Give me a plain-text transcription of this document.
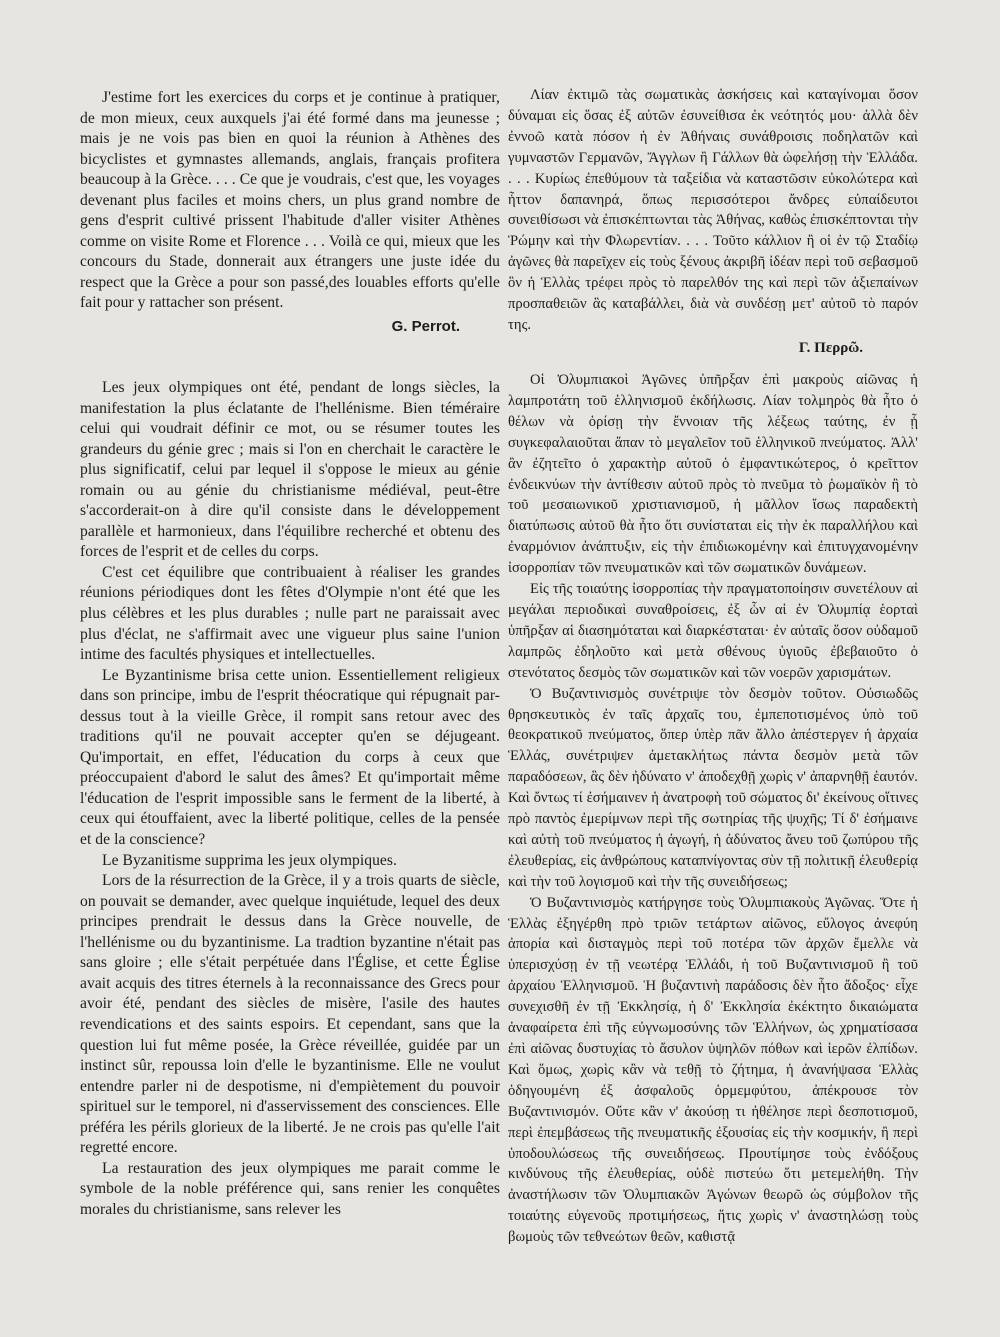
J'estime fort les exercices du corps et je continue à pratiquer, de mon mieux, ceux auxquels j'ai été formé dans ma jeunesse ; mais je ne vois pas bien en quoi la réunion à Athènes des bicyclistes et gymnastes allemands, anglais, français profitera beaucoup à la Grèce. . . . Ce que je voudrais, c'est que, les voyages devenant plus faciles et moins chers, un plus grand nombre de gens d'esprit cultivé prissent l'habitude d'aller visiter Athènes comme on visite Rome et Florence . . . Voilà ce qui, mieux que les concours du Stade, donnerait aux étrangers une juste idée du respect que la Grèce a pour son passé,des louables efforts qu'elle fait pour y rattacher son présent.

G. Perrot.

Λίαν ἐκτιμῶ τὰς σωματικὰς ἀσκήσεις καὶ καταγίνομαι ὅσον δύναμαι εἰς ὅσας ἐξ αὐτῶν ἐσυνείθισα ἐκ νεότητός μου· ἀλλὰ δὲν ἐννοῶ κατὰ πόσον ἡ ἐν Ἀθήναις συνάθροισις ποδηλατῶν καὶ γυμναστῶν Γερμανῶν, Ἄγγλων ἢ Γάλλων θὰ ὠφελήσῃ τὴν Ἑλλάδα. . . . Κυρίως ἐπεθύμουν τὰ ταξείδια νὰ καταστῶσιν εὐκολώτερα καὶ ἧττον δαπανηρά, ὅπως περισσότεροι ἄνδρες εὐπαίδευτοι συνειθίσωσι νὰ ἐπισκέπτωνται τὰς Ἀθήνας, καθὼς ἐπισκέπτονται τὴν Ῥώμην καὶ τὴν Φλωρεντίαν. . . . Τοῦτο κάλλιον ἢ οἱ ἐν τῷ Σταδίῳ ἀγῶνες θὰ παρεῖχεν εἰς τοὺς ξένους ἀκριβῆ ἰδέαν περὶ τοῦ σεβασμοῦ ὃν ἡ Ἑλλὰς τρέφει πρὸς τὸ παρελθόν της καὶ περὶ τῶν ἀξιεπαίνων προσπαθειῶν ἃς καταβάλλει, διὰ νὰ συνδέσῃ μετ' αὐτοῦ τὸ παρόν της.

Γ. Περρῶ.

Les jeux olympiques ont été, pendant de longs siècles, la manifestation la plus éclatante de l'hellénisme. Bien téméraire celui qui voudrait définir ce mot, ou se résumer toutes les grandeurs du génie grec ; mais si l'on en cherchait le caractère le plus significatif, celui par lequel il s'oppose le mieux au génie romain ou au génie du christianisme médiéval, peut-être s'accorderait-on à dire qu'il consiste dans le développement parallèle et harmonieux, dans l'équilibre recherché et obtenu des forces de l'esprit et de celles du corps.

C'est cet équilibre que contribuaient à réaliser les grandes réunions périodiques dont les fêtes d'Olympie n'ont été que les plus célèbres et les plus durables ; nulle part ne paraissait avec plus d'éclat, ne s'affirmait avec une vigueur plus saine l'union intime des facultés physiques et intellectuelles.

Le Byzantinisme brisa cette union. Essentiellement religieux dans son principe, imbu de l'esprit théocratique qui répugnait par-dessus tout à la vieille Grèce, il rompit sans retour avec des traditions qu'il ne pouvait accepter qu'en se déjugeant. Qu'importait, en effet, l'éducation du corps à ceux que préoccupaient d'abord le salut des âmes? Et qu'importait même l'éducation de l'esprit impossible sans le ferment de la liberté, à ceux qui étouffaient, avec la liberté politique, celles de la pensée et de la conscience?

Le Byzanitisme supprima les jeux olympiques.

Lors de la résurrection de la Grèce, il y a trois quarts de siècle, on pouvait se demander, avec quelque inquiétude, lequel des deux principes prendrait le dessus dans la Grèce nouvelle, de l'hellénisme ou du byzantinisme. La tradtion byzantine n'était pas sans gloire ; elle s'était perpétuée dans l'Église, et cette Église avait acquis des titres éternels à la reconnaissance des Grecs pour avoir été, pendant des siècles de misère, l'asile des hautes revendications et des saints espoirs. Et cependant, sans que la question lui fut même posée, la Grèce réveillée, guidée par un instinct sûr, repoussa loin d'elle le byzantinisme. Elle ne voulut entendre parler ni de despotisme, ni d'empiètement du pouvoir spirituel sur le temporel, ni d'asservissement des consciences. Elle préféra les périls glorieux de la liberté. Je ne crois pas qu'elle l'ait regretté encore.

La restauration des jeux olympiques me parait comme le symbole de la noble préférence qui, sans renier les conquêtes morales du christianisme, sans relever les

Οἱ Ὀλυμπιακοὶ Ἀγῶνες ὑπῆρξαν ἐπὶ μακροὺς αἰῶνας ἡ λαμπροτάτη τοῦ ἑλληνισμοῦ ἐκδήλωσις. Λίαν τολμηρὸς θὰ ἦτο ὁ θέλων νὰ ὁρίσῃ τὴν ἔννοιαν τῆς λέξεως ταύτης, ἐν ᾗ συγκεφαλαιοῦται ἅπαν τὸ μεγαλεῖον τοῦ ἑλληνικοῦ πνεύματος. Ἀλλ' ἂν ἐζητεῖτο ὁ χαρακτὴρ αὐτοῦ ὁ ἐμφαντικώτερος, ὁ κρεῖττον ἐνδεικνύων τὴν ἀντίθεσιν αὐτοῦ πρὸς τὸ πνεῦμα τὸ ῥωμαϊκὸν ἢ τὸ τοῦ μεσαιωνικοῦ χριστιανισμοῦ, ἡ μᾶλλον ἴσως παραδεκτὴ διατύπωσις αὐτοῦ θὰ ἦτο ὅτι συνίσταται εἰς τὴν ἐκ παραλλήλου καὶ ἐναρμόνιον ἀνάπτυξιν, εἰς τὴν ἐπιδιωκομένην καὶ ἐπιτυγχανομένην ἰσορροπίαν τῶν πνευματικῶν καὶ τῶν σωματικῶν δυνάμεων.

Εἰς τῆς τοιαύτης ἰσορροπίας τὴν πραγματοποίησιν συνετέλουν αἱ μεγάλαι περιοδικαὶ συναθροίσεις, ἐξ ὧν αἱ ἐν Ὀλυμπίᾳ ἑορταὶ ὑπῆρξαν αἱ διασημόταται καὶ διαρκέσταται· ἐν αὐταῖς ὅσον οὐδαμοῦ λαμπρῶς ἐδηλοῦτο καὶ μετὰ σθένους ὑγιοῦς ἐβεβαιοῦτο ὁ στενότατος δεσμὸς τῶν σωματικῶν καὶ τῶν νοερῶν χαρισμάτων.

Ὁ Βυζαντινισμὸς συνέτριψε τὸν δεσμὸν τοῦτον. Οὐσιωδῶς θρησκευτικὸς ἐν ταῖς ἀρχαῖς του, ἐμπεποτισμένος ὑπὸ τοῦ θεοκρατικοῦ πνεύματος, ὅπερ ὑπὲρ πᾶν ἄλλο ἀπέστεργεν ἡ ἀρχαία Ἑλλάς, συνέτριψεν ἀμετακλήτως πάντα δεσμὸν μετὰ τῶν παραδόσεων, ἃς δὲν ἠδύνατο ν' ἀποδεχθῇ χωρὶς ν' ἀπαρνηθῇ ἑαυτόν. Καὶ ὄντως τί ἐσήμαινεν ἡ ἀνατροφὴ τοῦ σώματος δι' ἐκείνους οἵτινες πρὸ παντὸς ἐμερίμνων περὶ τῆς σωτηρίας τῆς ψυχῆς; Τί δ' ἐσήμαινε καὶ αὐτὴ τοῦ πνεύματος ἡ ἀγωγή, ἡ ἀδύνατος ἄνευ τοῦ ζωπύρου τῆς ἐλευθερίας, εἰς ἀνθρώπους καταπνίγοντας σὺν τῇ πολιτικῇ ἐλευθερίᾳ καὶ τὴν τοῦ λογισμοῦ καὶ τὴν τῆς συνειδήσεως;

Ὁ Βυζαντινισμὸς κατήργησε τοὺς Ὀλυμπιακοὺς Ἀγῶνας. Ὅτε ἡ Ἑλλὰς ἐξηγέρθη πρὸ τριῶν τετάρτων αἰῶνος, εὔλογος ἀνεφύη ἀπορία καὶ δισταγμὸς περὶ τοῦ ποτέρα τῶν ἀρχῶν ἔμελλε νὰ ὑπερισχύσῃ ἐν τῇ νεωτέρᾳ Ἑλλάδι, ἡ τοῦ Βυζαντινισμοῦ ἢ τοῦ ἀρχαίου Ἑλληνισμοῦ. Ἡ βυζαντινὴ παράδοσις δὲν ἦτο ἄδοξος· εἶχε συνεχισθῆ ἐν τῇ Ἐκκλησίᾳ, ἡ δ' Ἐκκλησία ἐκέκτητο δικαιώματα ἀναφαίρετα ἐπὶ τῆς εὐγνωμοσύνης τῶν Ἑλλήνων, ὡς χρηματίσασα ἐπὶ αἰῶνας δυστυχίας τὸ ἄσυλον ὑψηλῶν πόθων καὶ ἱερῶν ἐλπίδων. Καὶ ὅμως, χωρὶς κἂν νὰ τεθῇ τὸ ζήτημα, ἡ ἀνανήψασα Ἑλλὰς ὁδηγουμένη ἐξ ἀσφαλοῦς ὁρμεμφύτου, ἀπέκρουσε τὸν Βυζαντινισμόν. Οὔτε κἂν ν' ἀκούσῃ τι ἠθέλησε περὶ δεσποτισμοῦ, περὶ ἐπεμβάσεως τῆς πνευματικῆς ἐξουσίας εἰς τὴν κοσμικήν, ἢ περὶ ὑποδουλώσεως τῆς συνειδήσεως. Προυτίμησε τοὺς ἐνδόξους κινδύνους τῆς ἐλευθερίας, οὐδὲ πιστεύω ὅτι μετεμελήθη. Τὴν ἀναστήλωσιν τῶν Ὀλυμπιακῶν Ἀγώνων θεωρῶ ὡς σύμβολον τῆς τοιαύτης εὐγενοῦς προτιμήσεως, ἥτις χωρὶς ν' ἀναστηλώσῃ τοὺς βωμοὺς τῶν τεθνεώτων θεῶν, καθιστᾷ
